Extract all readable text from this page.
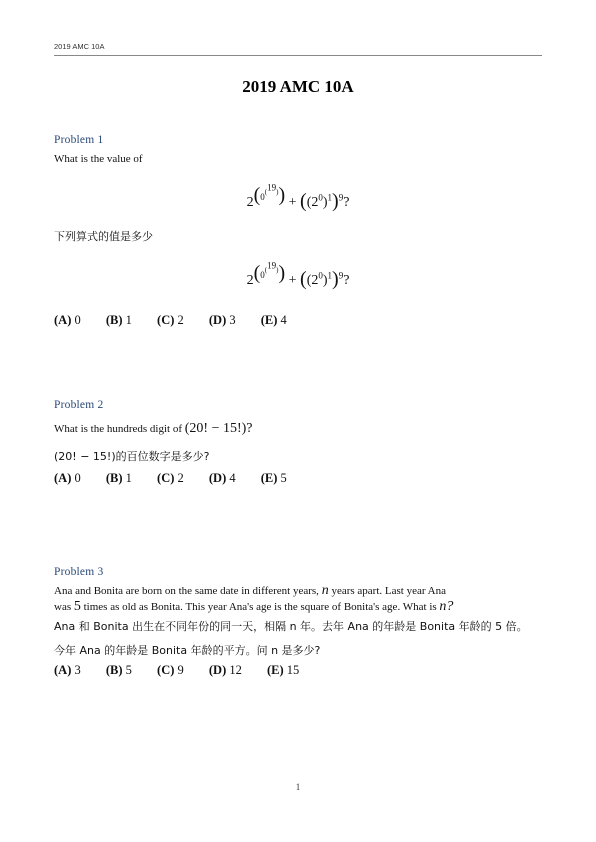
2019 AMC 10A
2019 AMC 10A
Problem 1
What is the value of
$2^{(0^{(^{19})})} + ((2^0)^1)^9$?
下列算式的值是多少
$2^{(0^{(^{19})})} + ((2^0)^1)^9$?
(A) 0 (B) 1 (C) 2 (D) 3 (E) 4
Problem 2
What is the hundreds digit of (20! − 15!)?
(20! − 15!)的百位数字是多少?
(A) 0 (B) 1 (C) 2 (D) 4 (E) 5
Problem 3
Ana and Bonita are born on the same date in different years, n years apart. Last year Ana
was 5 times as old as Bonita. This year Ana's age is the square of Bonita's age. What is n?
Ana 和 Bonita 出生在不同年份的同一天，相隔 n 年。去年 Ana 的年龄是 Bonita 年龄的 5 倍。
今年 Ana 的年龄是 Bonita 年龄的平方。问 n 是多少?
(A) 3 (B) 5 (C) 9 (D) 12 (E) 15
1
